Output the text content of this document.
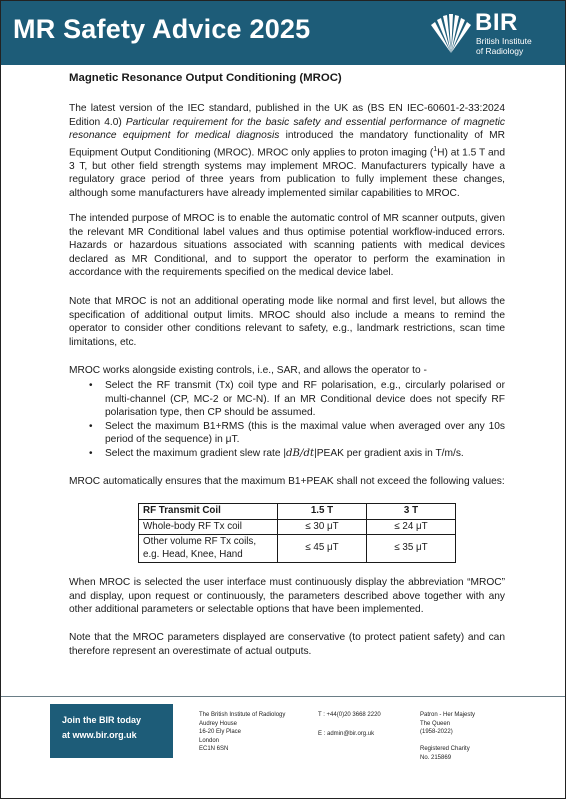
MR Safety Advice 2025	BIR
British Institute
of Radiology
Magnetic Resonance Output Conditioning (MROC)

The latest version of the IEC standard, published in the UK as (BS EN IEC-60601-2-33:2024 Edition 4.0) Particular requirement for the basic safety and essential performance of magnetic resonance equipment for medical diagnosis introduced the mandatory functionality of MR Equipment Output Conditioning (MROC). MROC only applies to proton imaging ($^1$H) at 1.5 T and 3 T, but other field strength systems may implement MROC. Manufacturers typically have a regulatory grace period of three years from publication to fully implement these changes, although some manufacturers have already implemented similar capabilities to MROC.

The intended purpose of MROC is to enable the automatic control of MR scanner outputs, given the relevant MR Conditional label values and thus optimise potential workflow-induced errors. Hazards or hazardous situations associated with scanning patients with medical devices declared as MR Conditional, and to support the operator to perform the examination in accordance with the requirements specified on the medical device label.

Note that MROC is not an additional operating mode like normal and first level, but allows the specification of additional output limits. MROC should also include a means to remind the operator to consider other conditions relevant to safety, e.g., landmark restrictions, scan time limitations, etc.

MROC works alongside existing controls, i.e., SAR, and allows the operator to -

• Select the RF transmit (Tx) coil type and RF polarisation, e.g., circularly polarised or multi-channel (CP, MC-2 or MC-N). If an MR Conditional device does not specify RF polarisation type, then CP should be assumed.
• Select the maximum B1+RMS (this is the maximal value when averaged over any 10s period of the sequence) in μT.
• Select the maximum gradient slew rate |dB/dt|PEAK per gradient axis in T/m/s.

MROC automatically ensures that the maximum B1+PEAK shall not exceed the following values:

RF Transmit Coil	1.5 T	3 T
Whole-body RF Tx coil	≤ 30 μT	≤ 24 μT
Other volume RF Tx coils, e.g. Head, Knee, Hand	≤ 45 μT	≤ 35 μT

When MROC is selected the user interface must continuously display the abbreviation “MROC” and display, upon request or continuously, the parameters described above together with any other additional parameters or selectable options that have been implemented.

Note that the MROC parameters displayed are conservative (to protect patient safety) and can therefore represent an overestimate of actual outputs.

Join the BIR today
at www.bir.org.uk
The British Institute of Radiology
Audrey House
16-20 Ely Place
London
EC1N 6SN
T : +44(0)20 3668 2220
E : admin@bir.org.uk
Patron - Her Majesty
The Queen
(1958-2022)
Registered Charity
No. 215869
